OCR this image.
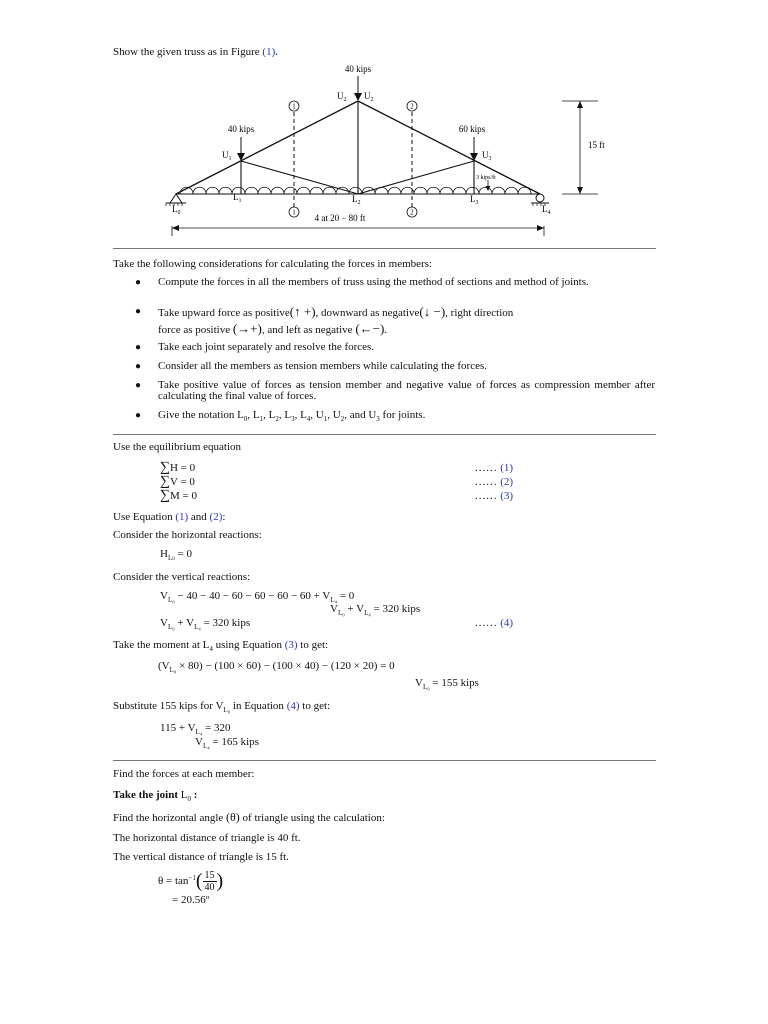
Show the given truss as in Figure (1).
1
1
2
2
40 kips
40 kips	60 kips
3 kips/ft
$U_1$
$U_2$ $U_2$
$U_3$
$L_0$
$L_1$	$L_2$	$L_3$
$L_4$
15 ft
4 at 20 − 80 ft
Take the following considerations for calculating the forces in members:
● Compute the forces in all the members of truss using the method of sections and method of joints.
● Take upward force as positive(↑ +), downward as negative(↓ −), right direction
force as positive (→+), and left as negative (←−).
● Take each joint separately and resolve the forces.
● Consider all the members as tension members while calculating the forces.
● Take positive value of forces as tension member and negative value of forces as compression member after calculating the final value of forces.
● Give the notation $L_0$, $L_1$, $L_2$, $L_3$, $L_4$, $U_1$, $U_2$, and $U_3$ for joints.
Use the equilibrium equation
∑H = 0	...... (1)
∑V = 0	...... (2)
∑M = 0	...... (3)
Use Equation (1) and (2):
Consider the horizontal reactions:
$H_{L0} = 0$
Consider the vertical reactions:
$V_{L_0} - 40 - 40 - 60 - 60 - 60 - 60 + V_{L_4} = 0$
$V_{L_0} + V_{L_4} = 320$ kips
$V_{L_0} + V_{L_4} = 320$ kips	...... (4)
Take the moment at $L_4$ using Equation (3) to get:
$(V_{L_0} \times 80) - (100 \times 60) - (100 \times 40) - (120 \times 20) = 0$
$V_{L_0} = 155$ kips
Substitute 155 kips for $V_{L_0}$ in Equation (4) to get:
$115 + V_{L_4} = 320$
$V_{L_4} = 165$ kips
Find the forces at each member:
Take the joint $L_0$ :
Find the horizontal angle (θ) of triangle using the calculation:
The horizontal distance of triangle is 40 ft.
The vertical distance of triangle is 15 ft.
$\theta = \tan^{-1}( \frac{15}{40}$ )
= 20.56º
